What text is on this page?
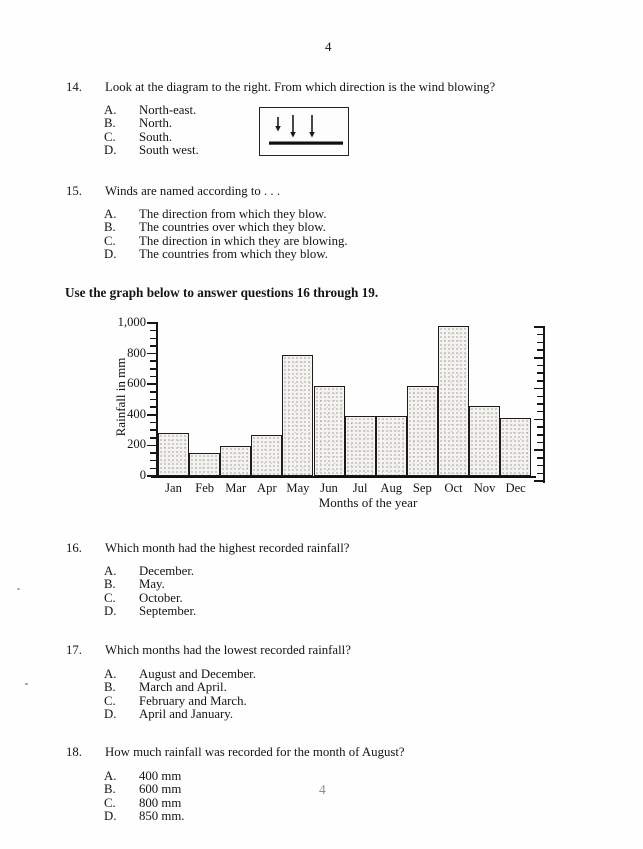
4
4
14.	Look at the diagram to the right. From which direction is the wind blowing?
A.	North-east.
B.	North.
C.	South.
D.	South west.
15.	Winds are named according to . . .
A.	The direction from which they blow.
B.	The countries over which they blow.
C.	The direction in which they are blowing.
D.	The countries from which they blow.
Use the graph below to answer questions 16 through 19.
Rainfall in mm
0
200
400
600
800
1,000
Jan	Feb Mar Apr May Jun	Jul	Aug Sep Oct Nov Dec
Months of the year
16.	Which month had the highest recorded rainfall?
A.	December.
B.	May.
C.	October.
D.	September.
17.	Which months had the lowest recorded rainfall?
A.	August and December.
B.	March and April.
C.	February and March.
D.	April and January.
18.	How much rainfall was recorded for the month of August?
A.	400 mm
B.	600 mm
C.	800 mm
D.	850 mm.
